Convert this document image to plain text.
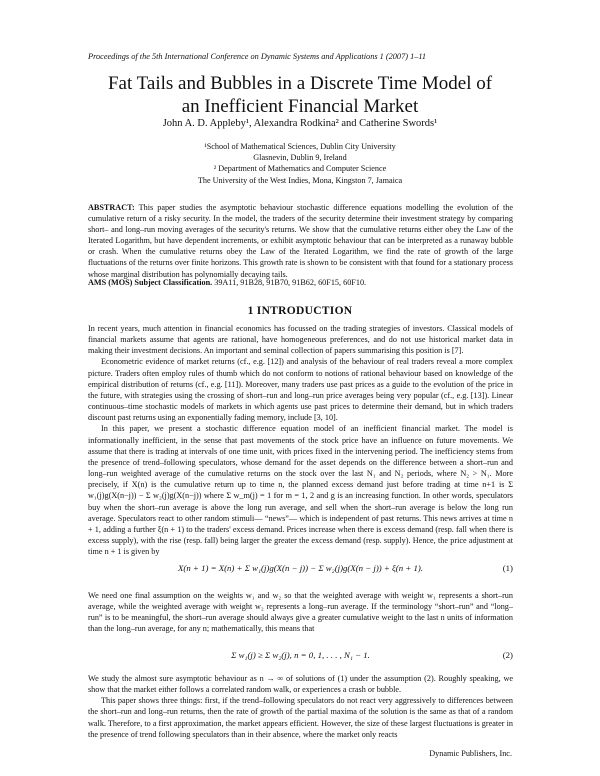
Proceedings of the 5th International Conference on Dynamic Systems and Applications 1 (2007) 1–11
Fat Tails and Bubbles in a Discrete Time Model of
an Inefficient Financial Market
John A. D. Appleby¹, Alexandra Rodkina² and Catherine Swords¹
¹School of Mathematical Sciences, Dublin City University
Glasnevin, Dublin 9, Ireland
² Department of Mathematics and Computer Science
The University of the West Indies, Mona, Kingston 7, Jamaica
ABSTRACT: This paper studies the asymptotic behaviour stochastic difference equations modelling the evolution of the cumulative return of a risky security. In the model, the traders of the security determine their investment strategy by comparing short– and long–run moving averages of the security's returns. We show that the cumulative returns either obey the Law of the Iterated Logarithm, but have dependent increments, or exhibit asymptotic behaviour that can be interpreted as a runaway bubble or crash. When the cumulative returns obey the Law of the Iterated Logarithm, we find the rate of growth of the large fluctuations of the returns over finite horizons. This growth rate is shown to be consistent with that found for a stationary process whose marginal distribution has polynomially decaying tails.
AMS (MOS) Subject Classification. 39A11, 91B28, 91B70, 91B62, 60F15, 60F10.
1 INTRODUCTION

In recent years, much attention in financial economics has focussed on the trading strategies of investors. Classical models of financial markets assume that agents are rational, have homogeneous preferences, and do not use historical market data in making their investment decisions. An important and seminal collection of papers summarising this position is [7].

Econometric evidence of market returns (cf., e.g. [12]) and analysis of the behaviour of real traders reveal a more complex picture. Traders often employ rules of thumb which do not conform to notions of rational behaviour based on knowledge of the empirical distribution of returns (cf., e.g. [11]). Moreover, many traders use past prices as a guide to the evolution of the price in the future, with strategies using the crossing of short–run and long–run price averages being very popular (cf., e.g. [13]). Linear continuous–time stochastic models of markets in which agents use past prices to determine their demand, but in which traders discount past returns using an exponentially fading memory, include [3, 10].

In this paper, we present a stochastic difference equation model of an inefficient financial market. The model is informationally inefficient, in the sense that past movements of the stock price have an influence on future movements. We assume that there is trading at intervals of one time unit, with prices fixed in the intervening period. The inefficiency stems from the presence of trend–following speculators, whose demand for the asset depends on the difference between a short–run and long–run weighted average of the cumulative returns on the stock over the last N₁ and N₂ periods, where N₂ > N₁. More precisely, if X(n) is the cumulative return up to time n, the planned excess demand just before trading at time n+1 is Σ w₁(j)g(X(n−j)) − Σ w₂(j)g(X(n−j)) where Σ w_m(j) = 1 for m = 1, 2 and g is an increasing function. In other words, speculators buy when the short–run average is above the long run average, and sell when the short–run average is below the long run average. Speculators react to other random stimuli— “news”— which is independent of past returns. This news arrives at time n + 1, adding a further ξ(n + 1) to the traders' excess demand. Prices increase when there is excess demand (resp. fall when there is excess supply), with the rise (resp. fall) being larger the greater the excess demand (resp. supply). Hence, the price adjustment at time n + 1 is given by

X(n + 1) = X(n) + Σ w₁(j)g(X(n − j)) − Σ w₂(j)g(X(n − j)) + ξ(n + 1).	(1)

We need one final assumption on the weights w₁ and w₂ so that the weighted average with weight w₁ represents a short–run average, while the weighted average with weight w₂ represents a long–run average. If the terminology “short–run” and “long–run” is to be meaningful, the short–run average should always give a greater cumulative weight to the last n units of information than the long–run average, for any n; mathematically, this means that

Σ w₁(j) ≥ Σ w₂(j), n = 0, 1, . . . , N₁ − 1.	(2)

We study the almost sure asymptotic behaviour as n → ∞ of solutions of (1) under the assumption (2). Roughly speaking, we show that the market either follows a correlated random walk, or experiences a crash or bubble.

This paper shows three things: first, if the trend–following speculators do not react very aggressively to differences between the short–run and long–run returns, then the rate of growth of the partial maxima of the solution is the same as that of a random walk. Therefore, to a first approximation, the market appears efficient. However, the size of these largest fluctuations is greater in the presence of trend following speculators than in their absence, where the market only reacts

Dynamic Publishers, Inc.
